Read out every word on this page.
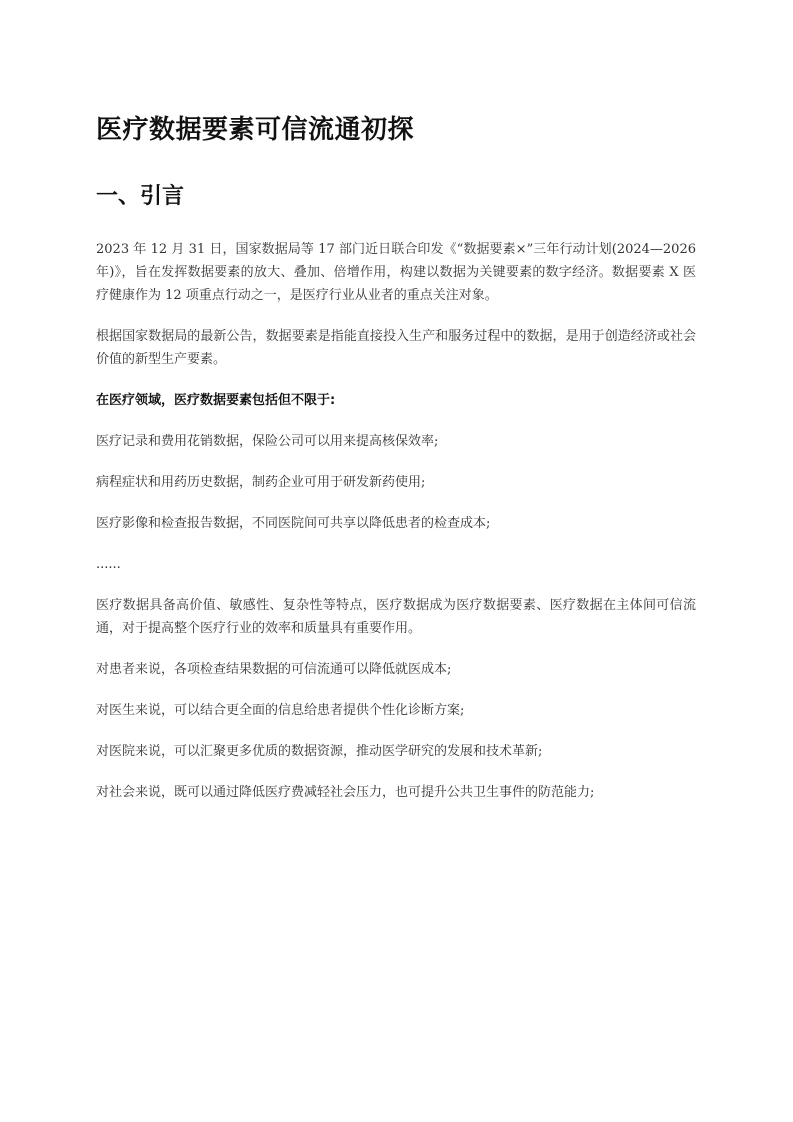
医疗数据要素可信流通初探
一、引言

2023 年 12 月 31 日，国家数据局等 17 部门近日联合印发《“数据要素×”三年行动计划(2024—2026 年)》，旨在发挥数据要素的放大、叠加、倍增作用，构建以数据为关键要素的数字经济。数据要素 X 医疗健康作为 12 项重点行动之一，是医疗行业从业者的重点关注对象。

根据国家数据局的最新公告，数据要素是指能直接投入生产和服务过程中的数据，是用于创造经济或社会价值的新型生产要素。

在医疗领域，医疗数据要素包括但不限于:

医疗记录和费用花销数据，保险公司可以用来提高核保效率;

病程症状和用药历史数据，制药企业可用于研发新药使用;

医疗影像和检查报告数据，不同医院间可共享以降低患者的检查成本;

......

医疗数据具备高价值、敏感性、复杂性等特点，医疗数据成为医疗数据要素、医疗数据在主体间可信流通，对于提高整个医疗行业的效率和质量具有重要作用。

对患者来说，各项检查结果数据的可信流通可以降低就医成本;

对医生来说，可以结合更全面的信息给患者提供个性化诊断方案;

对医院来说，可以汇聚更多优质的数据资源，推动医学研究的发展和技术革新;

对社会来说，既可以通过降低医疗费减轻社会压力，也可提升公共卫生事件的防范能力;
